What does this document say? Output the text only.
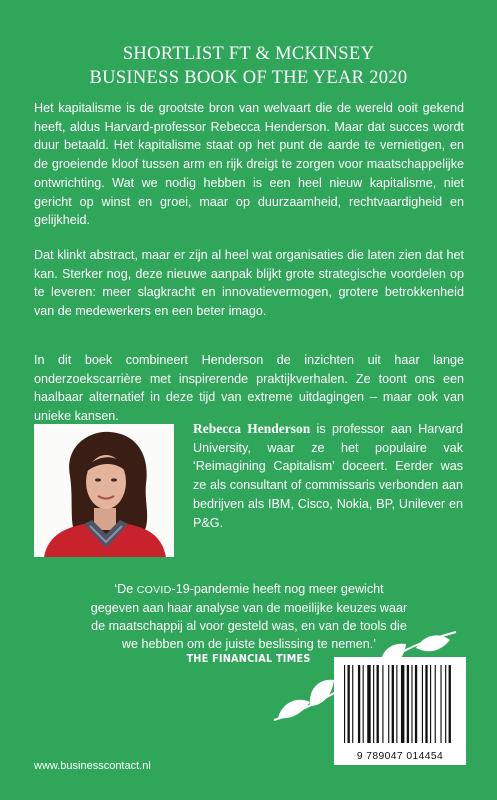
SHORTLIST FT & MCKINSEY
BUSINESS BOOK OF THE YEAR 2020

Het kapitalisme is de grootste bron van welvaart die de wereld ooit gekend heeft, aldus Harvard-professor Rebecca Henderson. Maar dat succes wordt duur betaald. Het kapitalisme staat op het punt de aarde te vernietigen, en de groeiende kloof tussen arm en rijk dreigt te zorgen voor maatschappelijke ontwrichting. Wat we nodig hebben is een heel nieuw kapitalisme, niet gericht op winst en groei, maar op duurzaamheid, rechtvaardigheid en gelijkheid.

Dat klinkt abstract, maar er zijn al heel wat organisaties die laten zien dat het kan. Sterker nog, deze nieuwe aanpak blijkt grote strategische voordelen op te leveren: meer slagkracht en innovatievermogen, grotere betrokkenheid van de medewerkers en een beter imago.

In dit boek combineert Henderson de inzichten uit haar lange onderzoekscarrière met inspirerende praktijkverhalen. Ze toont ons een haalbaar alternatief in deze tijd van extreme uitdagingen – maar ook van unieke kansen.

Rebecca Henderson is professor aan Harvard University, waar ze het populaire vak ‘Reimagining Capitalism’ doceert. Eerder was ze als consultant of commissaris verbonden aan bedrijven als IBM, Cisco, Nokia, BP, Unilever en P&G.

‘De COVID-19-pandemie heeft nog meer gewicht gegeven aan haar analyse van de moeilijke keuzes waar de maatschappij al voor gesteld was, en van de tools die we hebben om de juiste beslissing te nemen.’

THE FINANCIAL TIMES
9 789047 014454
www.businesscontact.nl
